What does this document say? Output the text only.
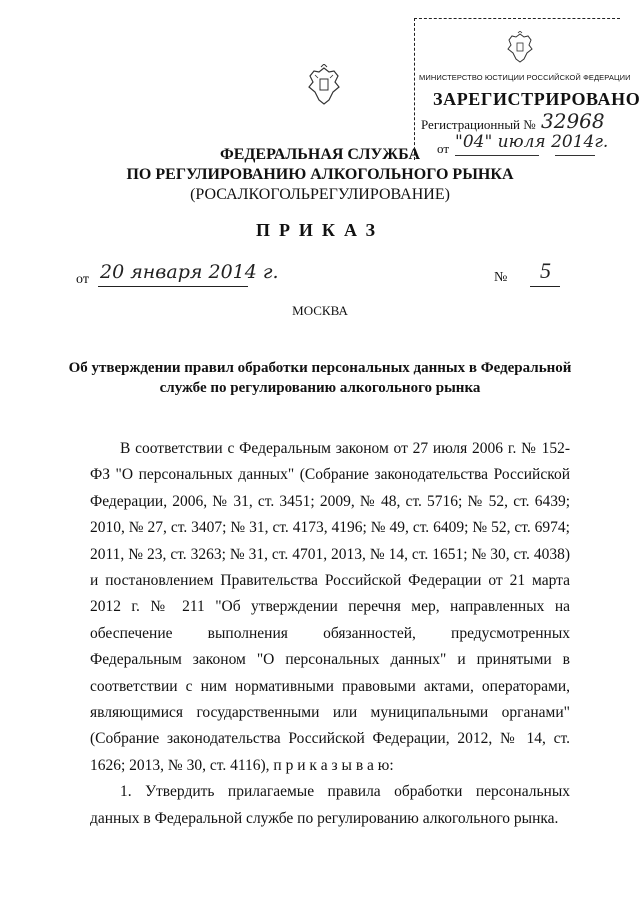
МИНИСТЕРСТВО ЮСТИЦИИ РОССИЙСКОЙ ФЕДЕРАЦИИ
ЗАРЕГИСТРИРОВАНО
Регистрационный № 32968
от "04" июля 2014г.
ФЕДЕРАЛЬНАЯ СЛУЖБА
ПО РЕГУЛИРОВАНИЮ АЛКОГОЛЬНОГО РЫНКА
(РОСАЛКОГОЛЬРЕГУЛИРОВАНИЕ)
ПРИКАЗ
от 20 января 2014 г.	№ 5
МОСКВА
Об утверждении правил обработки персональных данных в Федеральной
службе по регулированию алкогольного рынка

В соответствии с Федеральным законом от 27 июля 2006 г. № 152-ФЗ "О персональных данных" (Собрание законодательства Российской Федерации, 2006, № 31, ст. 3451; 2009, № 48, ст. 5716; № 52, ст. 6439; 2010, № 27, ст. 3407; № 31, ст. 4173, 4196; № 49, ст. 6409; № 52, ст. 6974; 2011, № 23, ст. 3263; № 31, ст. 4701, 2013, № 14, ст. 1651; № 30, ст. 4038) и постановлением Правительства Российской Федерации от 21 марта 2012 г. № 211 "Об утверждении перечня мер, направленных на обеспечение выполнения обязанностей, предусмотренных Федеральным законом "О персональных данных" и принятыми в соответствии с ним нормативными правовыми актами, операторами, являющимися государственными или муниципальными органами" (Собрание законодательства Российской Федерации, 2012, № 14, ст. 1626; 2013, № 30, ст. 4116), п р и к а з ы в а ю:

1. Утвердить прилагаемые правила обработки персональных данных в Федеральной службе по регулированию алкогольного рынка.
